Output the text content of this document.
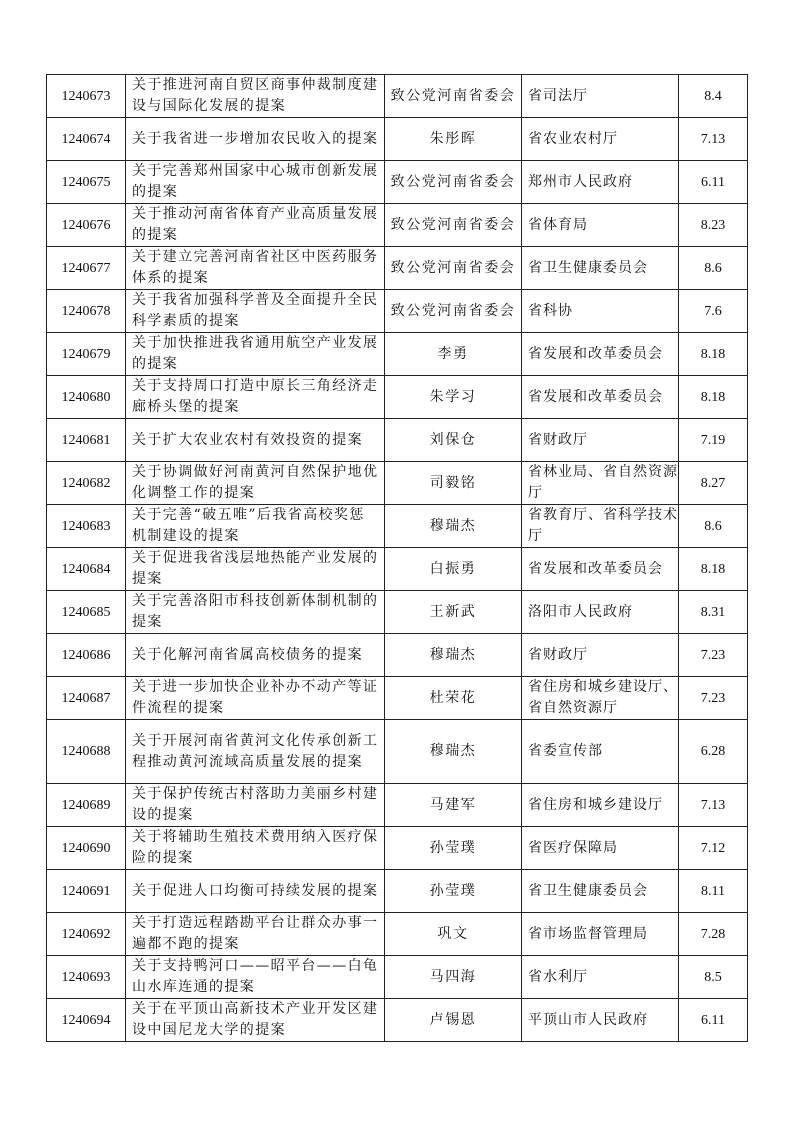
1240673	关于推进河南自贸区商事仲裁制度建设与国际化发展的提案	致公党河南省委会	省司法厅	8.4
1240674	关于我省进一步增加农民收入的提案	朱彤晖	省农业农村厅	7.13
1240675	关于完善郑州国家中心城市创新发展的提案	致公党河南省委会	郑州市人民政府	6.11
1240676	关于推动河南省体育产业高质量发展的提案	致公党河南省委会	省体育局	8.23
1240677	关于建立完善河南省社区中医药服务体系的提案	致公党河南省委会	省卫生健康委员会	8.6
1240678	关于我省加强科学普及全面提升全民科学素质的提案	致公党河南省委会	省科协	7.6
1240679	关于加快推进我省通用航空产业发展的提案	李勇	省发展和改革委员会	8.18
1240680	关于支持周口打造中原长三角经济走廊桥头堡的提案	朱学习	省发展和改革委员会	8.18
1240681	关于扩大农业农村有效投资的提案	刘保仓	省财政厅	7.19
1240682	关于协调做好河南黄河自然保护地优化调整工作的提案	司毅铭	省林业局、省自然资源厅	8.27
1240683	关于完善“破五唯”后我省高校奖惩机制建设的提案	穆瑞杰	省教育厅、省科学技术厅	8.6
1240684	关于促进我省浅层地热能产业发展的提案	白振勇	省发展和改革委员会	8.18
1240685	关于完善洛阳市科技创新体制机制的提案	王新武	洛阳市人民政府	8.31
1240686	关于化解河南省属高校债务的提案	穆瑞杰	省财政厅	7.23
1240687	关于进一步加快企业补办不动产等证件流程的提案	杜荣花	省住房和城乡建设厅、省自然资源厅	7.23
1240688	关于开展河南省黄河文化传承创新工程推动黄河流域高质量发展的提案	穆瑞杰	省委宣传部	6.28
1240689	关于保护传统古村落助力美丽乡村建设的提案	马建军	省住房和城乡建设厅	7.13
1240690	关于将辅助生殖技术费用纳入医疗保险的提案	孙莹璞	省医疗保障局	7.12
1240691	关于促进人口均衡可持续发展的提案	孙莹璞	省卫生健康委员会	8.11
1240692	关于打造远程踏勘平台让群众办事一遍都不跑的提案	巩文	省市场监督管理局	7.28
1240693	关于支持鸭河口——昭平台——白龟山水库连通的提案	马四海	省水利厅	8.5
1240694	关于在平顶山高新技术产业开发区建设中国尼龙大学的提案	卢锡恩	平顶山市人民政府	6.11
